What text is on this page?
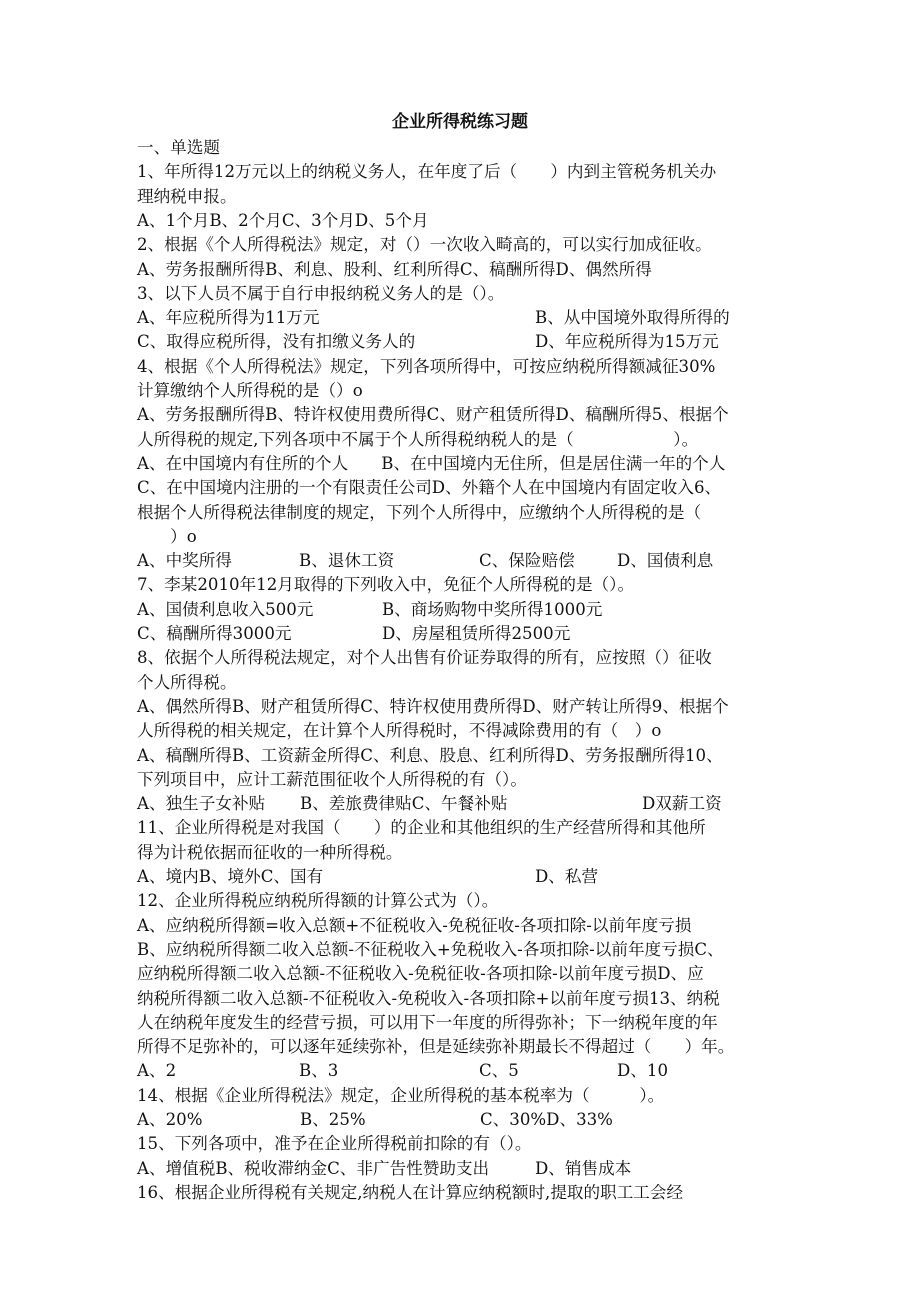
企业所得税练习题
一、单选题
1、年所得12万元以上的纳税义务人，在年度了后（　　）内到主管税务机关办
理纳税申报。
A、1个月B、2个月C、3个月D、5个月
2、根据《个人所得税法》规定，对（）一次收入畸高的，可以实行加成征收。
A、劳务报酬所得B、利息、股利、红利所得C、稿酬所得D、偶然所得
3、以下人员不属于自行申报纳税义务人的是（）。
A、年应税所得为11万元	B、从中国境外取得所得的
C、取得应税所得，没有扣缴义务人的	D、年应税所得为15万元
4、根据《个人所得税法》规定，下列各项所得中，可按应纳税所得额减征30%
计算缴纳个人所得税的是（）o
A、劳务报酬所得B、特许权使用费所得C、财产租赁所得D、稿酬所得5、根据个
人所得税的规定,下列各项中不属于个人所得税纳税人的是（　　　　　　）。
A、在中国境内有住所的个人　　B、在中国境内无住所，但是居住满一年的个人
C、在中国境内注册的一个有限责任公司D、外籍个人在中国境内有固定收入6、
根据个人所得税法律制度的规定，下列个人所得中，应缴纳个人所得税的是（
　　）o
A、中奖所得	B、退休工资	C、保险赔偿	D、国债利息
7、李某2010年12月取得的下列收入中，免征个人所得税的是（）。
A、国债利息收入500元	B、商场购物中奖所得1000元
C、稿酬所得3000元	D、房屋租赁所得2500元
8、依据个人所得税法规定，对个人出售有价证券取得的所有，应按照（）征收
个人所得税。
A、偶然所得B、财产租赁所得C、特许权使用费所得D、财产转让所得9、根据个
人所得税的相关规定，在计算个人所得税时，不得减除费用的有（　）o
A、稿酬所得B、工资薪金所得C、利息、股息、红利所得D、劳务报酬所得10、
下列项目中，应计工薪范围征收个人所得税的有（）。
A、独生子女补贴 B、差旅费律贴C、午餐补贴	D双薪工资
11、企业所得税是对我国（　　）的企业和其他组织的生产经营所得和其他所
得为计税依据而征收的一种所得税。
A、境内B、境外C、国有	D、私营
12、企业所得税应纳税所得额的计算公式为（）。
A、应纳税所得额=收入总额+不征税收入-免税征收-各项扣除-以前年度亏损
B、应纳税所得额二收入总额-不征税收入+免税收入-各项扣除-以前年度亏损C、
应纳税所得额二收入总额-不征税收入-免税征收-各项扣除-以前年度亏损D、应
纳税所得额二收入总额-不征税收入-免税收入-各项扣除+以前年度亏损13、纳税
人在纳税年度发生的经营亏损，可以用下一年度的所得弥补；下一纳税年度的年
所得不足弥补的，可以逐年延续弥补，但是延续弥补期最长不得超过（　　）年。
A、2	B、3	C、5	D、10
14、根据《企业所得税法》规定，企业所得税的基本税率为（　　　）。
A、20%	B、25%	C、30%D、33%
15、下列各项中，准予在企业所得税前扣除的有（）。
A、增值税B、税收滞纳金C、非广告性赞助支出	D、销售成本
16、根据企业所得税有关规定,纳税人在计算应纳税额时,提取的职工工会经
